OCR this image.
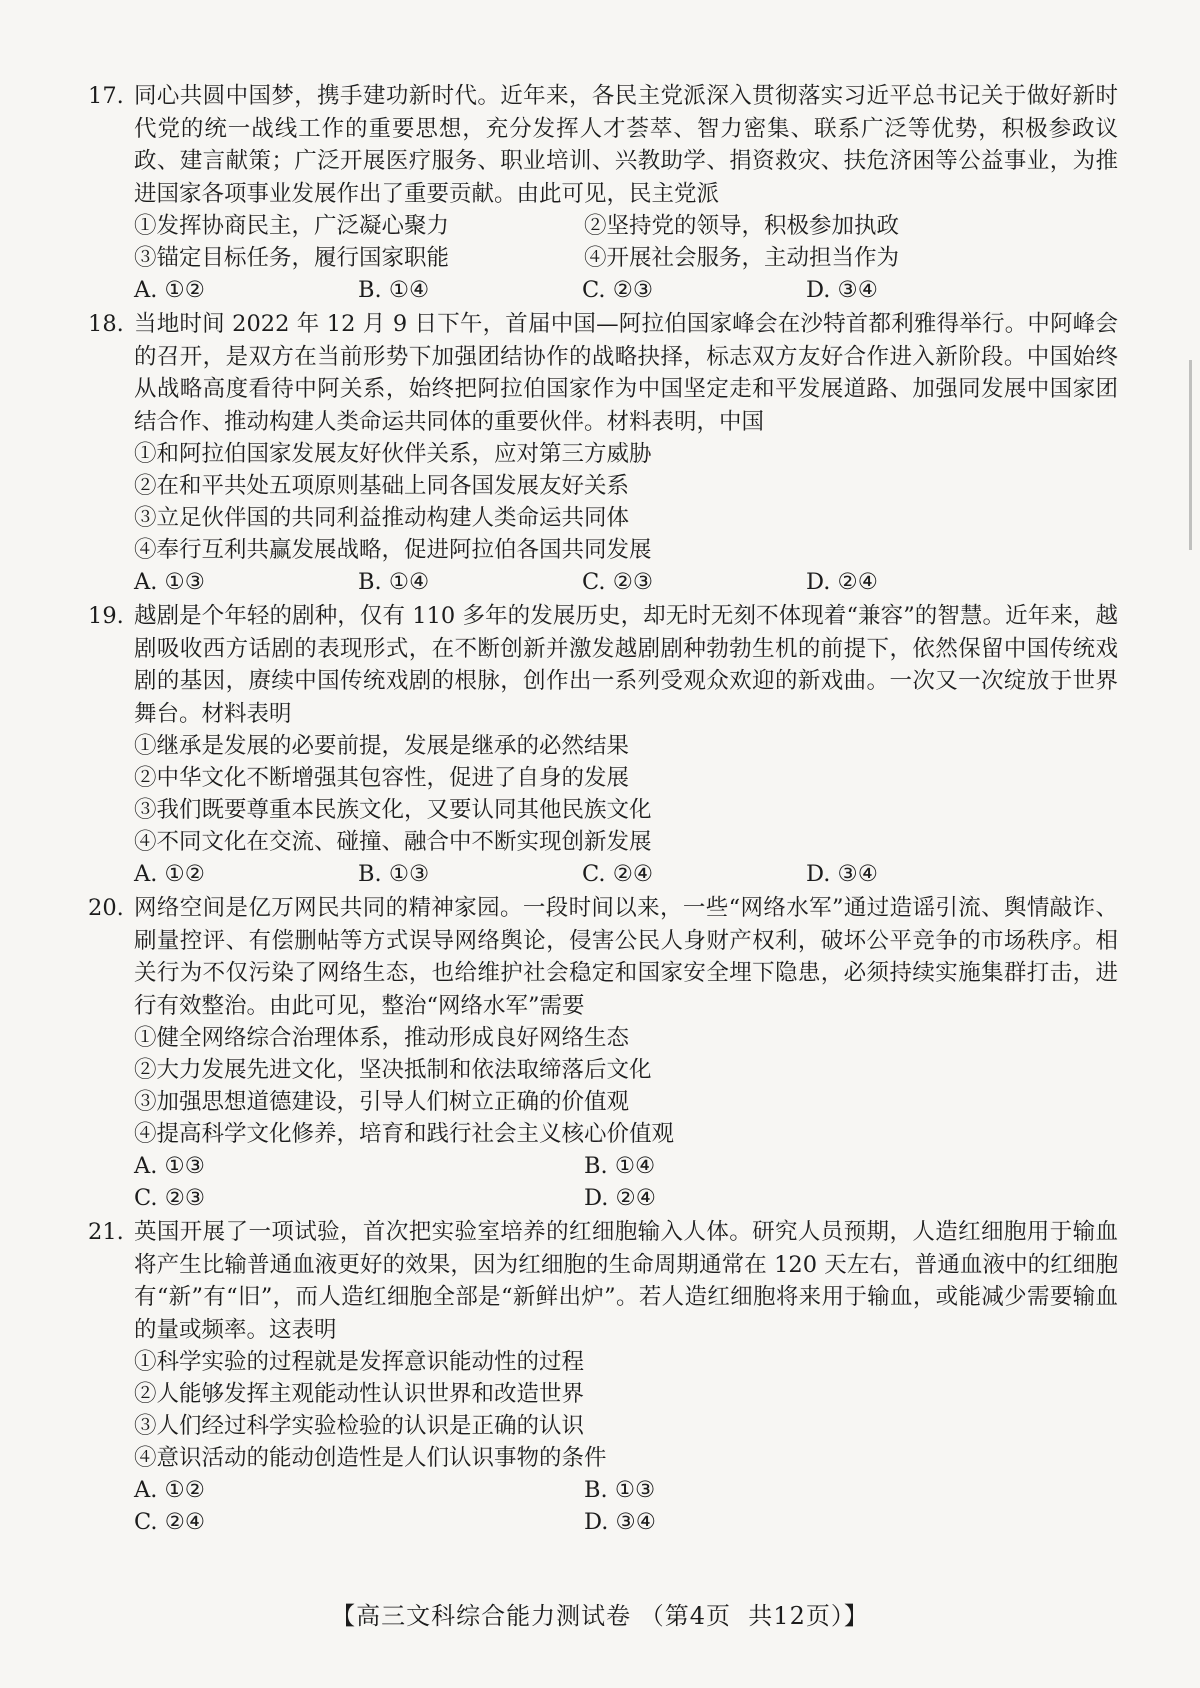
17. 同心共圆中国梦，携手建功新时代。近年来，各民主党派深入贯彻落实习近平总书记关于做好新时代党的统一战线工作的重要思想，充分发挥人才荟萃、智力密集、联系广泛等优势，积极参政议政、建言献策；广泛开展医疗服务、职业培训、兴教助学、捐资救灾、扶危济困等公益事业，为推进国家各项事业发展作出了重要贡献。由此可见，民主党派
①发挥协商民主，广泛凝心聚力	②坚持党的领导，积极参加执政
③锚定目标任务，履行国家职能	④开展社会服务，主动担当作为
A. ①②	B. ①④	C. ②③	D. ③④
18. 当地时间 2022 年 12 月 9 日下午，首届中国—阿拉伯国家峰会在沙特首都利雅得举行。中阿峰会的召开，是双方在当前形势下加强团结协作的战略抉择，标志双方友好合作进入新阶段。中国始终从战略高度看待中阿关系，始终把阿拉伯国家作为中国坚定走和平发展道路、加强同发展中国家团结合作、推动构建人类命运共同体的重要伙伴。材料表明，中国
①和阿拉伯国家发展友好伙伴关系，应对第三方威胁
②在和平共处五项原则基础上同各国发展友好关系
③立足伙伴国的共同利益推动构建人类命运共同体
④奉行互利共赢发展战略，促进阿拉伯各国共同发展
A. ①③	B. ①④	C. ②③	D. ②④
19. 越剧是个年轻的剧种，仅有 110 多年的发展历史，却无时无刻不体现着“兼容”的智慧。近年来，越剧吸收西方话剧的表现形式，在不断创新并激发越剧剧种勃勃生机的前提下，依然保留中国传统戏剧的基因，赓续中国传统戏剧的根脉，创作出一系列受观众欢迎的新戏曲。一次又一次绽放于世界舞台。材料表明
①继承是发展的必要前提，发展是继承的必然结果
②中华文化不断增强其包容性，促进了自身的发展
③我们既要尊重本民族文化，又要认同其他民族文化
④不同文化在交流、碰撞、融合中不断实现创新发展
A. ①②	B. ①③	C. ②④	D. ③④
20. 网络空间是亿万网民共同的精神家园。一段时间以来，一些“网络水军”通过造谣引流、舆情敲诈、刷量控评、有偿删帖等方式误导网络舆论，侵害公民人身财产权利，破坏公平竞争的市场秩序。相关行为不仅污染了网络生态，也给维护社会稳定和国家安全埋下隐患，必须持续实施集群打击，进行有效整治。由此可见，整治“网络水军”需要
①健全网络综合治理体系，推动形成良好网络生态
②大力发展先进文化，坚决抵制和依法取缔落后文化
③加强思想道德建设，引导人们树立正确的价值观
④提高科学文化修养，培育和践行社会主义核心价值观
A. ①③	B. ①④
C. ②③	D. ②④
21. 英国开展了一项试验，首次把实验室培养的红细胞输入人体。研究人员预期，人造红细胞用于输血将产生比输普通血液更好的效果，因为红细胞的生命周期通常在 120 天左右，普通血液中的红细胞有“新”有“旧”，而人造红细胞全部是“新鲜出炉”。若人造红细胞将来用于输血，或能减少需要输血的量或频率。这表明
①科学实验的过程就是发挥意识能动性的过程
②人能够发挥主观能动性认识世界和改造世界
③人们经过科学实验检验的认识是正确的认识
④意识活动的能动创造性是人们认识事物的条件
A. ①②	B. ①③
C. ②④	D. ③④
【高三文科综合能力测试卷 （第4页  共12页）】
